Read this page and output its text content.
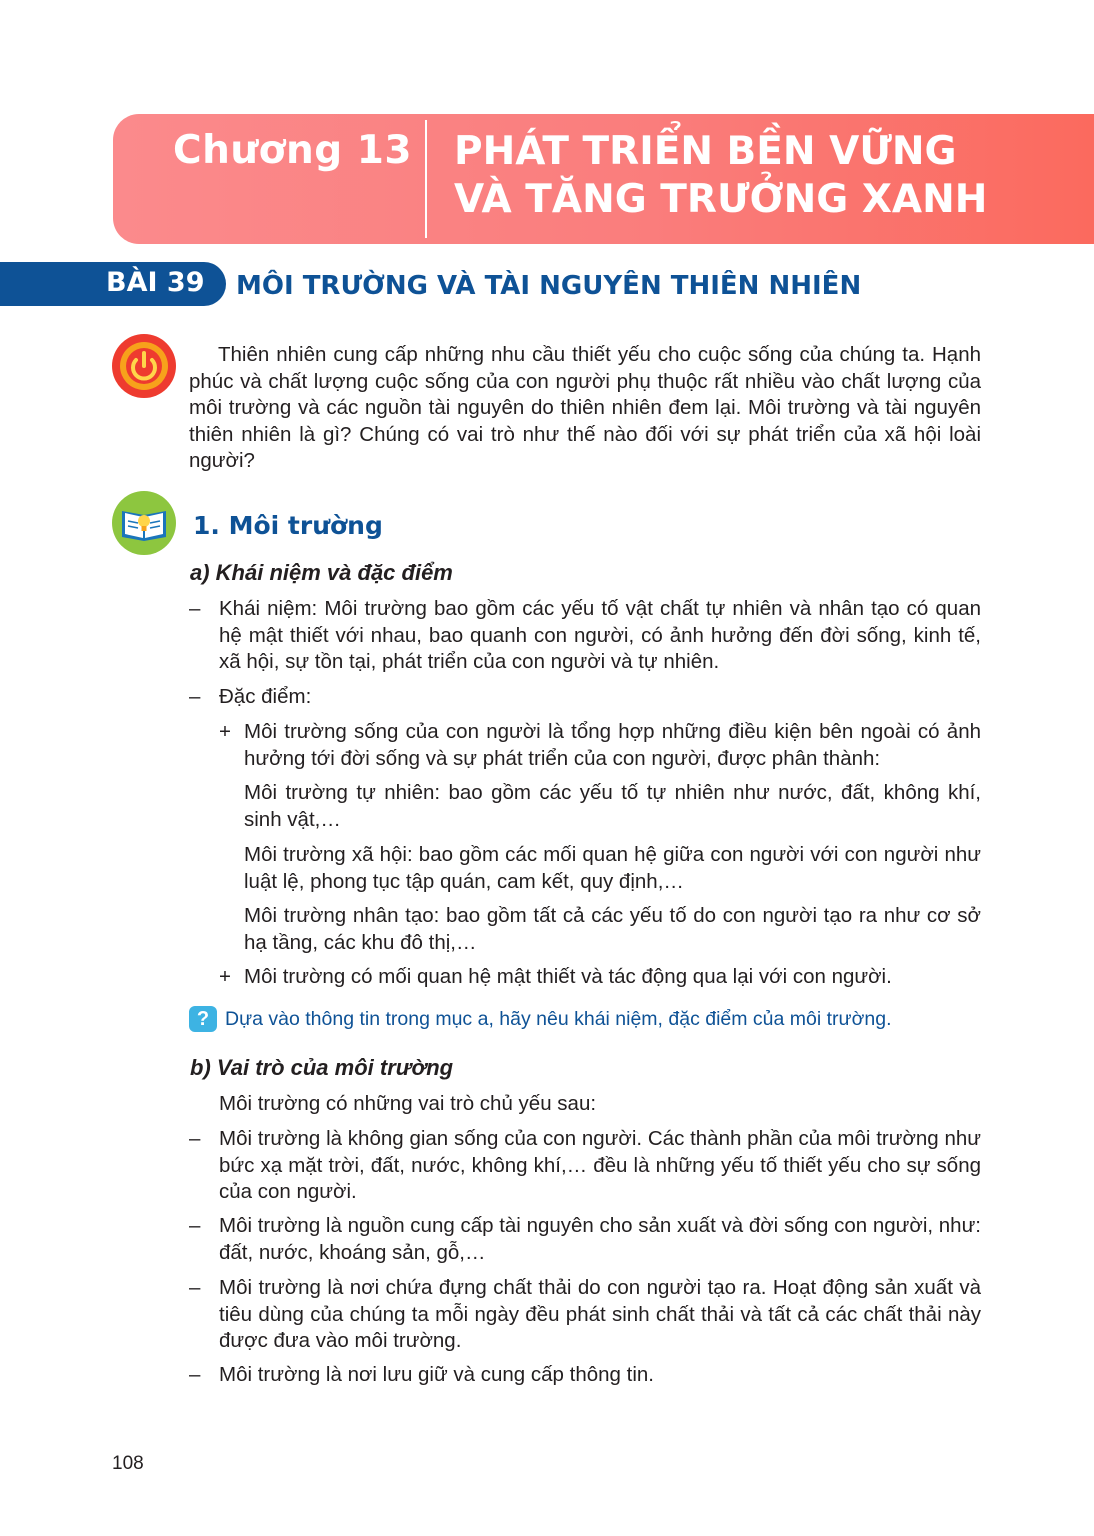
Chương 13 PHÁT TRIỂN BỀN VỮNG
VÀ TĂNG TRƯỞNG XANH
BÀI 39 MÔI TRƯỜNG VÀ TÀI NGUYÊN THIÊN NHIÊN
Thiên nhiên cung cấp những nhu cầu thiết yếu cho cuộc sống của chúng ta. Hạnh phúc và chất lượng cuộc sống của con người phụ thuộc rất nhiều vào chất lượng của môi trường và các nguồn tài nguyên do thiên nhiên đem lại. Môi trường và tài nguyên thiên nhiên là gì? Chúng có vai trò như thế nào đối với sự phát triển của xã hội loài người?
1. Môi trường
a) Khái niệm và đặc điểm
– Khái niệm: Môi trường bao gồm các yếu tố vật chất tự nhiên và nhân tạo có quan hệ mật thiết với nhau, bao quanh con người, có ảnh hưởng đến đời sống, kinh tế, xã hội, sự tồn tại, phát triển của con người và tự nhiên.
– Đặc điểm:
+ Môi trường sống của con người là tổng hợp những điều kiện bên ngoài có ảnh hưởng tới đời sống và sự phát triển của con người, được phân thành:
Môi trường tự nhiên: bao gồm các yếu tố tự nhiên như nước, đất, không khí, sinh vật,…
Môi trường xã hội: bao gồm các mối quan hệ giữa con người với con người như luật lệ, phong tục tập quán, cam kết, quy định,…
Môi trường nhân tạo: bao gồm tất cả các yếu tố do con người tạo ra như cơ sở hạ tầng, các khu đô thị,…
+ Môi trường có mối quan hệ mật thiết và tác động qua lại với con người.
? Dựa vào thông tin trong mục a, hãy nêu khái niệm, đặc điểm của môi trường.
b) Vai trò của môi trường
Môi trường có những vai trò chủ yếu sau:
– Môi trường là không gian sống của con người. Các thành phần của môi trường như bức xạ mặt trời, đất, nước, không khí,… đều là những yếu tố thiết yếu cho sự sống của con người.
– Môi trường là nguồn cung cấp tài nguyên cho sản xuất và đời sống con người, như: đất, nước, khoáng sản, gỗ,…
– Môi trường là nơi chứa đựng chất thải do con người tạo ra. Hoạt động sản xuất và tiêu dùng của chúng ta mỗi ngày đều phát sinh chất thải và tất cả các chất thải này được đưa vào môi trường.
– Môi trường là nơi lưu giữ và cung cấp thông tin.
108
